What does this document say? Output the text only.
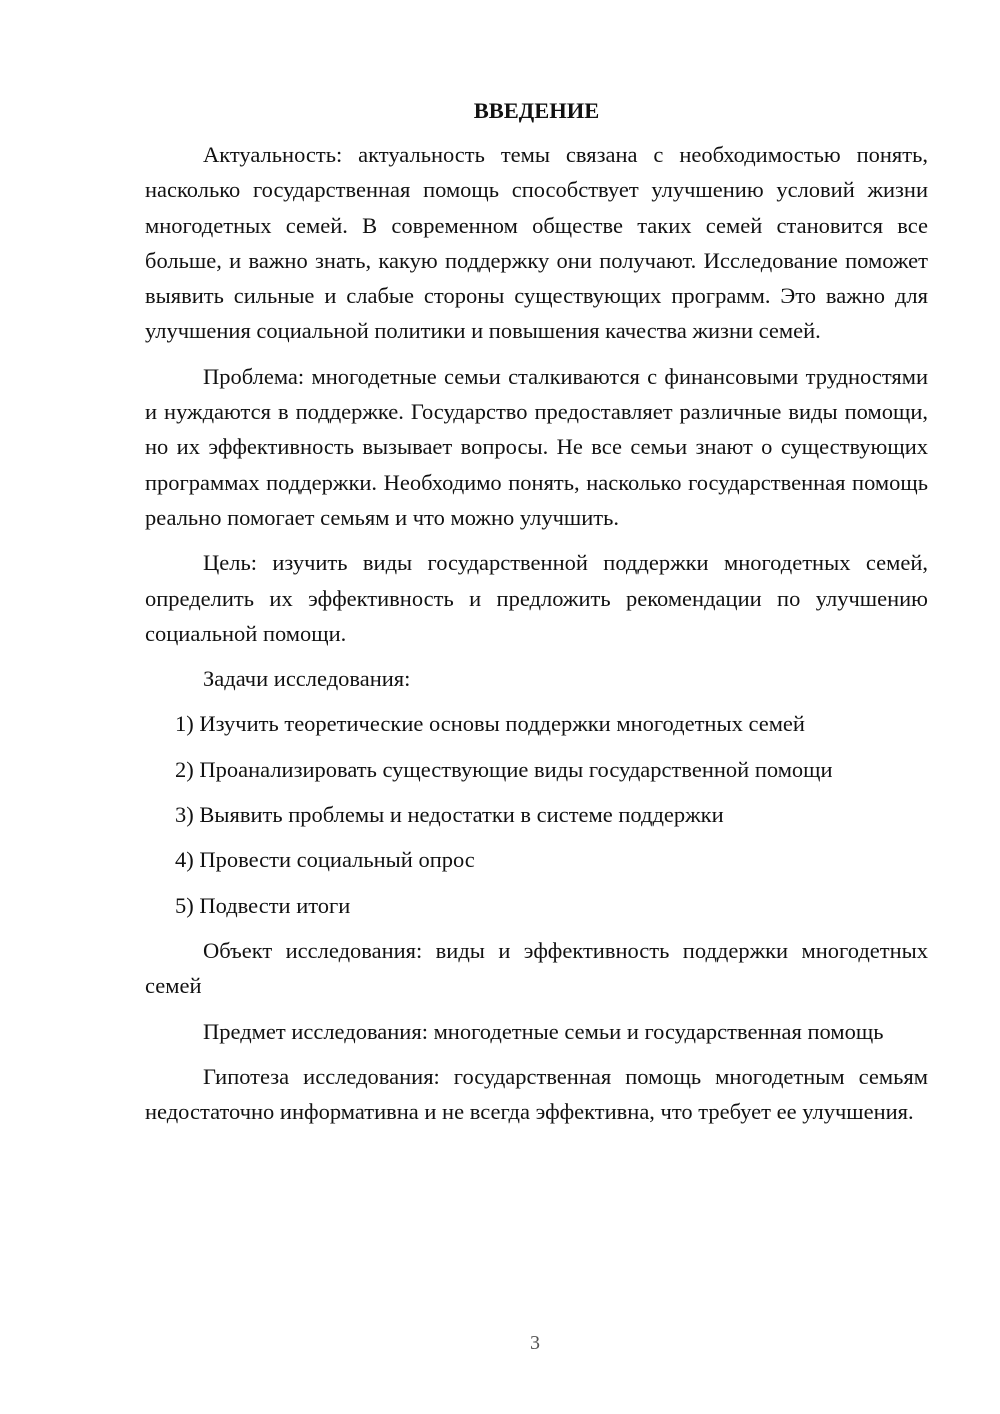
ВВЕДЕНИЕ

Актуальность: актуальность темы связана с необходимостью понять, насколько государственная помощь способствует улучшению условий жизни многодетных семей. В современном обществе таких семей становится все больше, и важно знать, какую поддержку они получают. Исследование поможет выявить сильные и слабые стороны существующих программ. Это важно для улучшения социальной политики и повышения качества жизни семей.

Проблема: многодетные семьи сталкиваются с финансовыми трудностями и нуждаются в поддержке. Государство предоставляет различные виды помощи, но их эффективность вызывает вопросы. Не все семьи знают о существующих программах поддержки. Необходимо понять, насколько государственная помощь реально помогает семьям и что можно улучшить.

Цель: изучить виды государственной поддержки многодетных семей, определить их эффективность и предложить рекомендации по улучшению социальной помощи.

Задачи исследования:

1) Изучить теоретические основы поддержки многодетных семей
2) Проанализировать существующие виды государственной помощи
3) Выявить проблемы и недостатки в системе поддержки
4) Провести социальный опрос
5) Подвести итоги

Объект исследования: виды и эффективность поддержки многодетных семей

Предмет исследования: многодетные семьи и государственная помощь

Гипотеза исследования: государственная помощь многодетным семьям недостаточно информативна и не всегда эффективна, что требует ее улучшения.

3
